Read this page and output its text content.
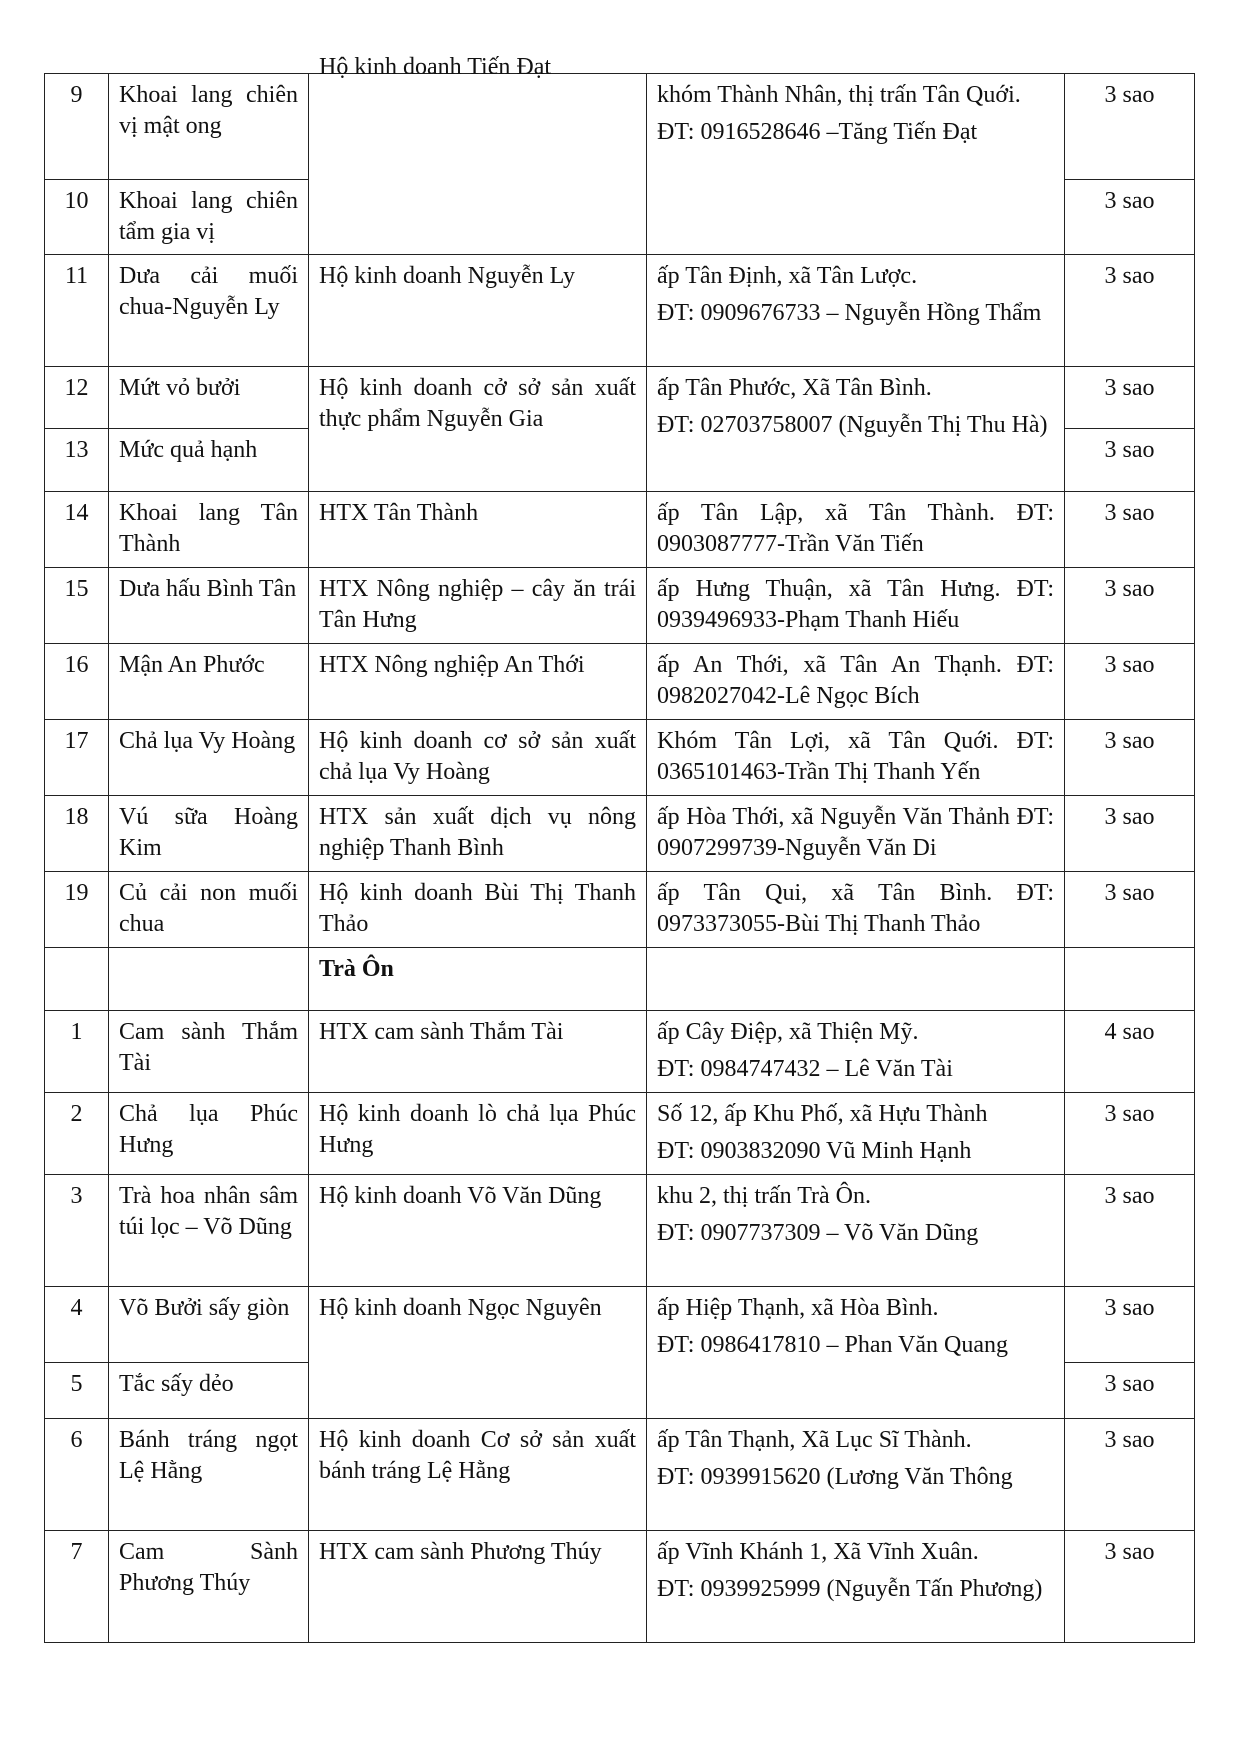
9	Khoai lang chiên vị mật ong	Hộ kinh doanh Tiến Đạt	khóm Thành Nhân, thị trấn Tân Quới.
ĐT: 0916528646 –Tăng Tiến Đạt	3 sao
10	Khoai lang chiên tẩm gia vị			3 sao
11	Dưa cải muối chua-Nguyễn Ly	Hộ kinh doanh Nguyễn Ly	ấp Tân Định, xã Tân Lược.
ĐT: 0909676733 – Nguyễn Hồng Thẩm	3 sao
12	Mứt vỏ bưởi	Hộ kinh doanh cở sở sản xuất thực phẩm Nguyễn Gia	ấp Tân Phước, Xã Tân Bình.
ĐT: 02703758007 (Nguyễn Thị Thu Hà)	3 sao
13	Mức quả hạnh			3 sao
14	Khoai lang Tân Thành	HTX Tân Thành	ấp Tân Lập, xã Tân Thành. ĐT: 0903087777-Trần Văn Tiến	3 sao
15	Dưa hấu Bình Tân	HTX Nông nghiệp – cây ăn trái Tân Hưng	ấp Hưng Thuận, xã Tân Hưng. ĐT: 0939496933-Phạm Thanh Hiếu	3 sao
16	Mận An Phước	HTX Nông nghiệp An Thới	ấp An Thới, xã Tân An Thạnh. ĐT: 0982027042-Lê Ngọc Bích	3 sao
17	Chả lụa Vy Hoàng	Hộ kinh doanh cơ sở sản xuất chả lụa Vy Hoàng	Khóm Tân Lợi, xã Tân Quới. ĐT: 0365101463-Trần Thị Thanh Yến	3 sao
18	Vú sữa Hoàng Kim	HTX sản xuất dịch vụ nông nghiệp Thanh Bình	ấp Hòa Thới, xã Nguyễn Văn Thảnh ĐT: 0907299739-Nguyễn Văn Di	3 sao
19	Củ cải non muối chua	Hộ kinh doanh Bùi Thị Thanh Thảo	ấp Tân Qui, xã Tân Bình. ĐT: 0973373055-Bùi Thị Thanh Thảo	3 sao
		Trà Ôn		
1	Cam sành Thắm Tài	HTX cam sành Thắm Tài	ấp Cây Điệp, xã Thiện Mỹ.
ĐT: 0984747432 – Lê Văn Tài	4 sao
2	Chả lụa Phúc Hưng	Hộ kinh doanh lò chả lụa Phúc Hưng	Số 12, ấp Khu Phố, xã Hựu Thành
ĐT: 0903832090 Vũ Minh Hạnh	3 sao
3	Trà hoa nhân sâm túi lọc – Võ Dũng	Hộ kinh doanh Võ Văn Dũng	khu 2, thị trấn Trà Ôn.
ĐT: 0907737309 – Võ Văn Dũng	3 sao
4	Võ Bưởi sấy giòn	Hộ kinh doanh Ngọc Nguyên	ấp Hiệp Thạnh, xã Hòa Bình.
ĐT: 0986417810 – Phan Văn Quang	3 sao
5	Tắc sấy dẻo			3 sao
6	Bánh tráng ngọt Lệ Hằng	Hộ kinh doanh Cơ sở sản xuất bánh tráng Lệ Hằng	ấp Tân Thạnh, Xã Lục Sĩ Thành.
ĐT: 0939915620 (Lương Văn Thông	3 sao
7	Cam Sành Phương Thúy	HTX cam sành Phương Thúy	ấp Vĩnh Khánh 1, Xã Vĩnh Xuân.
ĐT: 0939925999 (Nguyễn Tấn Phương)	3 sao
